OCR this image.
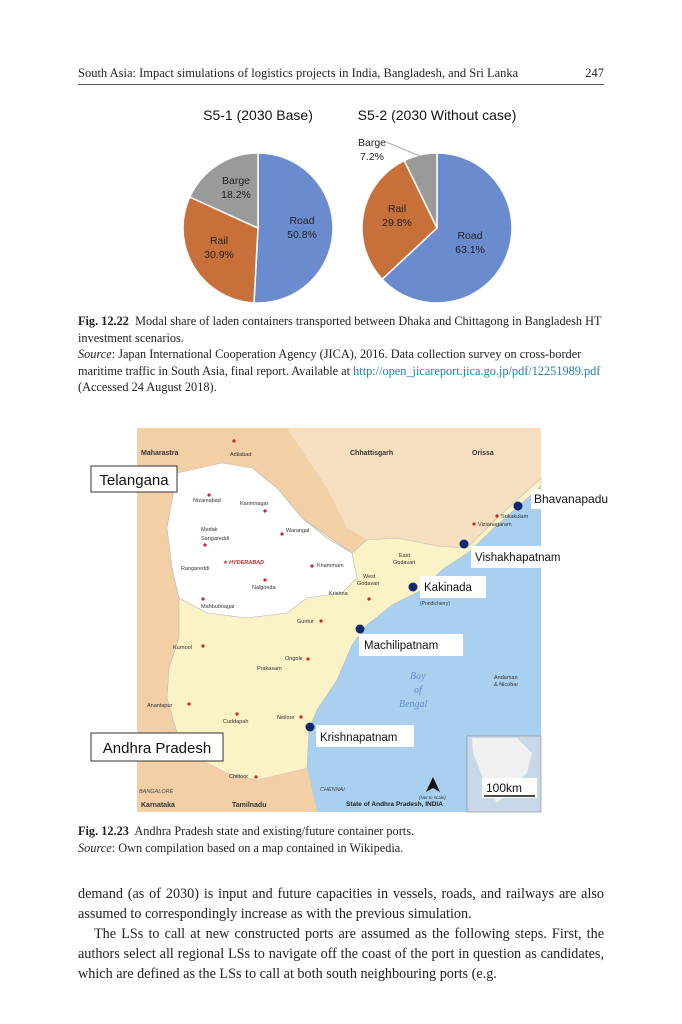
South Asia: Impact simulations of logistics projects in India, Bangladesh, and Sri Lanka	247
S5-1 (2030 Base)
Road
50.8%
Rail
30.9%
Barge
18.2%
S5-2 (2030 Without case)
Road
63.1%
Rail
29.8%
Barge
7.2%
Fig. 12.22 Modal share of laden containers transported between Dhaka and Chittagong in Bangladesh HT investment scenarios.
Source: Japan International Cooperation Agency (JICA), 2016. Data collection survey on cross-border maritime traffic in South Asia, final report. Available at http://open_jicareport.jica.go.jp/pdf/12251989.pdf (Accessed 24 August 2018).
Maharastra	Chhattisgarh	Orissa
Karnataka	Tamilnadu
Bay
of
Bengal
Andaman
& Nicobar
State of Andhra Pradesh, INDIA
(Not to scale)
(Pondicherry)
Adilabad
Nizamabad	Karimnagar
Medak
Sangareddi
Warangal
Rangareddi
HYDERABAD
★	Khammam
East
Godavari
West
Godavari
Krishna
Nalgonda
Mahbubnagar
Guntur
Kurnool
Ongole
Prakasam
Anantapur
Cuddapah
Nellore
Chittoor
BANGALORE	CHENNAI
Srikakulam
Vizianagaram
Vishakhapatnam
Kakinada
Machilipatnam
Krishnapatnam
100km
Telangana
Andhra Pradesh
Bhavanapadu
Fig. 12.23 Andhra Pradesh state and existing/future container ports.
Source: Own compilation based on a map contained in Wikipedia.

demand (as of 2030) is input and future capacities in vessels, roads, and railways are also assumed to correspondingly increase as with the previous simulation.

The LSs to call at new constructed ports are assumed as the following steps. First, the authors select all regional LSs to navigate off the coast of the port in question as candidates, which are defined as the LSs to call at both south neighbouring ports (e.g.
